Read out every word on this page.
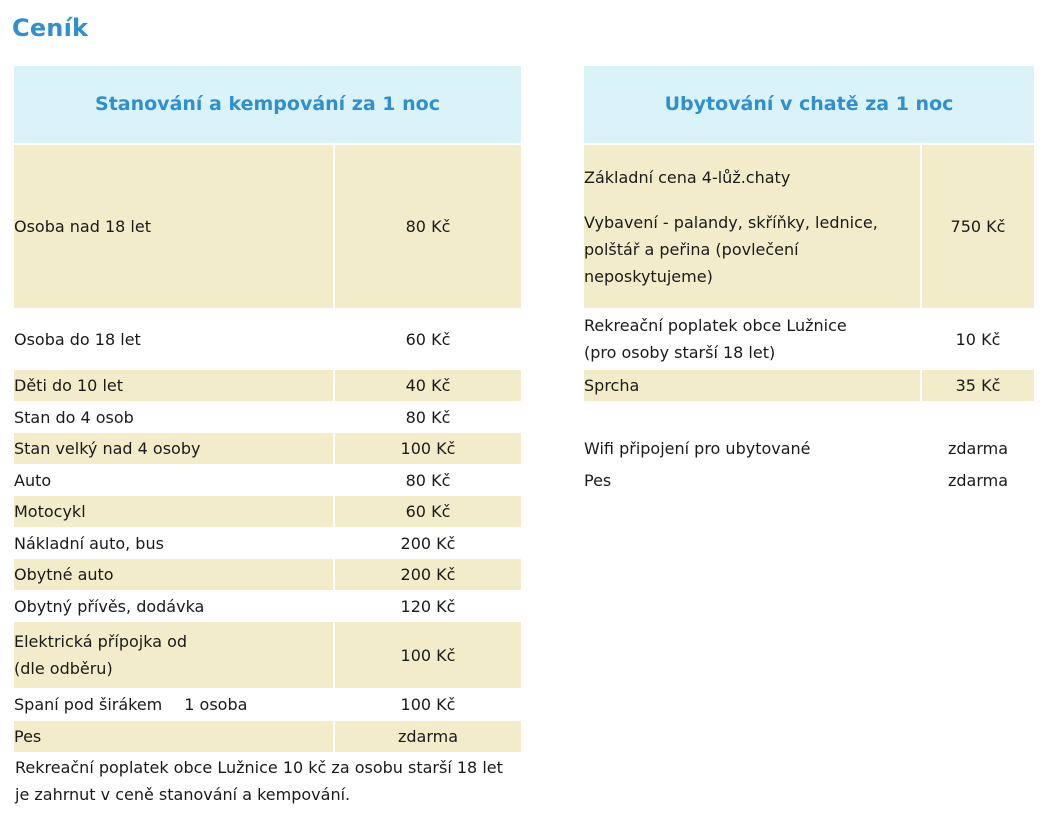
Ceník
Stanování a kempování za 1 noc	
Osoba nad 18 let	80 Kč
Osoba do 18 let	60 Kč
Děti do 10 let	40 Kč
Stan do 4 osob	80 Kč
Stan velký nad 4 osoby	100 Kč
Auto	80 Kč
Motocykl	60 Kč
Nákladní auto, bus	200 Kč
Obytné auto	200 Kč
Obytný přívěs, dodávka	120 Kč

Elektrická přípojka od
(dle odběru)	100 Kč
Spaní pod širákem 1 osoba	100 Kč
Pes	zdarma
Rekreační poplatek obce Lužnice 10 kč za osobu starší 18 let
je zahrnut v ceně stanování a kempování.
Ubytování v chatě za 1 noc	

Základní cena 4-lůž.chaty
Vybavení - palandy, skříňky, lednice,
polštář a peřina (povlečení
neposkytujeme)	750 Kč

Rekreační poplatek obce Lužnice
(pro osoby starší 18 let)	10 Kč
Sprcha	35 Kč

Wifi připojení pro ubytované	zdarma
Pes	zdarma
